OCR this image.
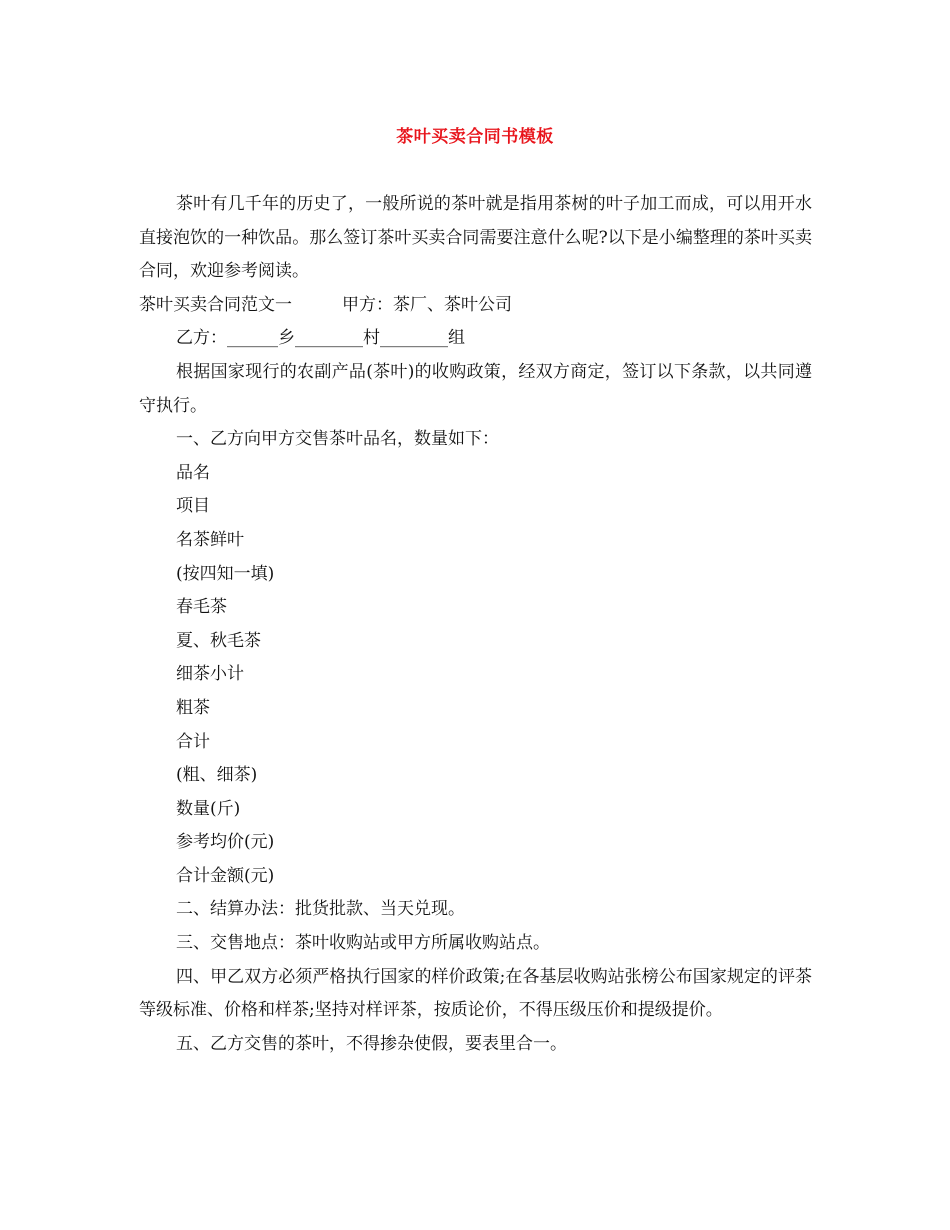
茶叶买卖合同书模板

茶叶有几千年的历史了，一般所说的茶叶就是指用茶树的叶子加工而成，可以用开水直接泡饮的一种饮品。那么签订茶叶买卖合同需要注意什么呢?以下是小编整理的茶叶买卖合同，欢迎参考阅读。

茶叶买卖合同范文一	甲方：茶厂、茶叶公司

乙方：______乡________村________组

根据国家现行的农副产品(茶叶)的收购政策，经双方商定，签订以下条款，以共同遵守执行。

一、乙方向甲方交售茶叶品名，数量如下：

品名

项目

名茶鲜叶

(按四知一填)

春毛茶

夏、秋毛茶

细茶小计

粗茶

合计

(粗、细茶)

数量(斤)

参考均价(元)

合计金额(元)

二、结算办法：批货批款、当天兑现。

三、交售地点：茶叶收购站或甲方所属收购站点。

四、甲乙双方必须严格执行国家的样价政策;在各基层收购站张榜公布国家规定的评茶等级标准、价格和样茶;坚持对样评茶，按质论价，不得压级压价和提级提价。

五、乙方交售的茶叶，不得掺杂使假，要表里合一。
